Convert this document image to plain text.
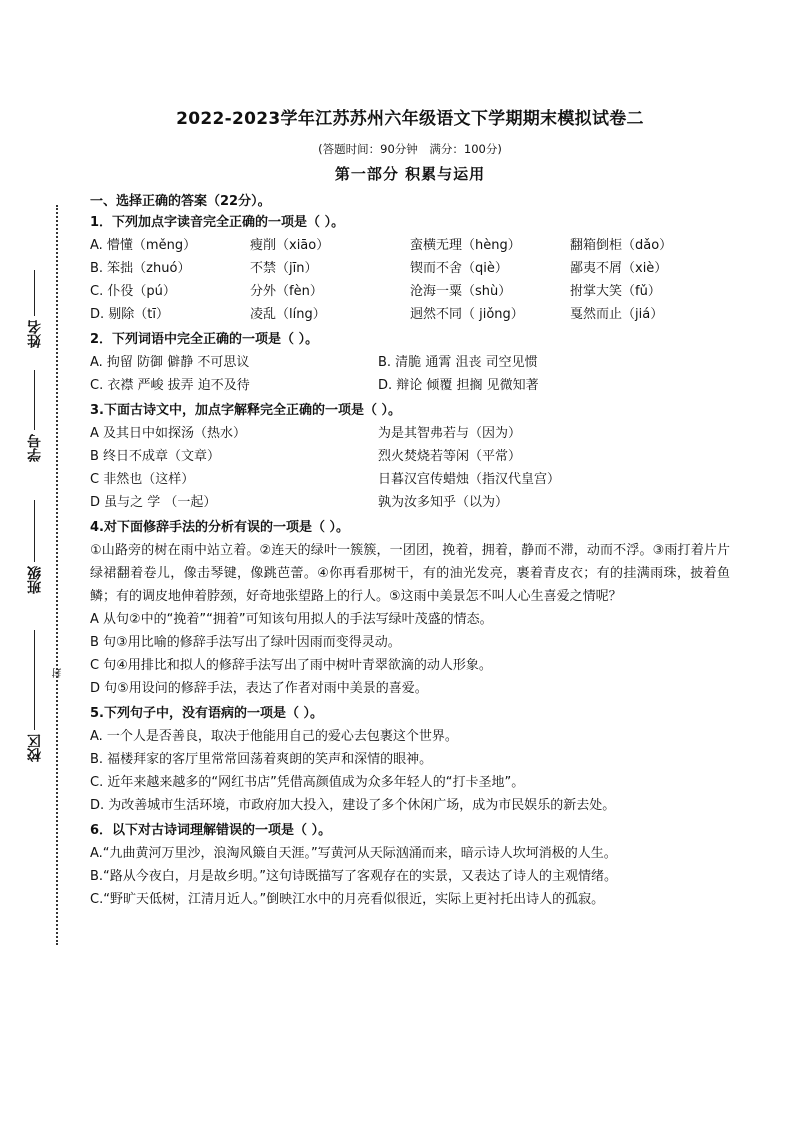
姓名
学号
班级
校区
封
2022-2023学年江苏苏州六年级语文下学期期末模拟试卷二
(答题时间：90分钟 满分：100分)
第一部分 积累与运用
一、选择正确的答案（22分）。
1．下列加点字读音完全正确的一项是（ ）。
A. 懵懂（měng）	瘦削（xiāo）	蛮横无理（hèng）	翻箱倒柜（dǎo）
B. 笨拙（zhuó）	不禁（jīn）	锲而不舍（qiè）	鄙夷不屑（xiè）
C. 仆役（pú）	分外（fèn）	沧海一粟（shù）	拊掌大笑（fǔ）
D. 剔除（tī）	凌乱（líng）	迥然不同（ jiǒng）	戛然而止（jiá）
2．下列词语中完全正确的一项是（ ）。
A. 拘留 防御 僻静 不可思议	B. 清脆 通霄 沮丧 司空见惯
C. 衣襟 严峻 拔弄 迫不及待	D. 辩论 倾覆 担搁 见微知著
3.下面古诗文中，加点字解释完全正确的一项是（ ）。
A 及其日中如探汤（热水）	为是其智弗若与（因为）
B 终日不成章（文章）	烈火焚烧若等闲（平常）
C 非然也（这样）	日暮汉宫传蜡烛（指汉代皇宫）
D 虽与之 学 （一起）	孰为汝多知乎（以为）
4.对下面修辞手法的分析有误的一项是（ ）。

①山路旁的树在雨中站立着。②连天的绿叶一簇簇，一团团，挽着，拥着，静而不滞，动而不浮。③雨打着片片绿裙翻着卷儿，像击琴键，像跳芭蕾。④你再看那树干，有的油光发亮，裹着青皮衣；有的挂满雨珠，披着鱼鳞；有的调皮地伸着脖颈，好奇地张望路上的行人。⑤这雨中美景怎不叫人心生喜爱之情呢？

A 从句②中的“挽着”“拥着”可知该句用拟人的手法写绿叶茂盛的情态。

B 句③用比喻的修辞手法写出了绿叶因雨而变得灵动。

C 句④用排比和拟人的修辞手法写出了雨中树叶青翠欲滴的动人形象。

D 句⑤用设问的修辞手法，表达了作者对雨中美景的喜爱。

5.下列句子中，没有语病的一项是（ ）。

A. 一个人是否善良，取决于他能用自己的爱心去包裹这个世界。

B. 福楼拜家的客厅里常常回荡着爽朗的笑声和深情的眼神。

C. 近年来越来越多的“网红书店”凭借高颜值成为众多年轻人的“打卡圣地”。

D. 为改善城市生活环境，市政府加大投入，建设了多个休闲广场，成为市民娱乐的新去处。

6．以下对古诗词理解错误的一项是（ ）。

A.“九曲黄河万里沙，浪淘风簸自天涯。”写黄河从天际汹涌而来，暗示诗人坎坷消极的人生。

B.“路从今夜白，月是故乡明。”这句诗既描写了客观存在的实景，又表达了诗人的主观情绪。

C.“野旷天低树，江清月近人。”倒映江水中的月亮看似很近，实际上更衬托出诗人的孤寂。
